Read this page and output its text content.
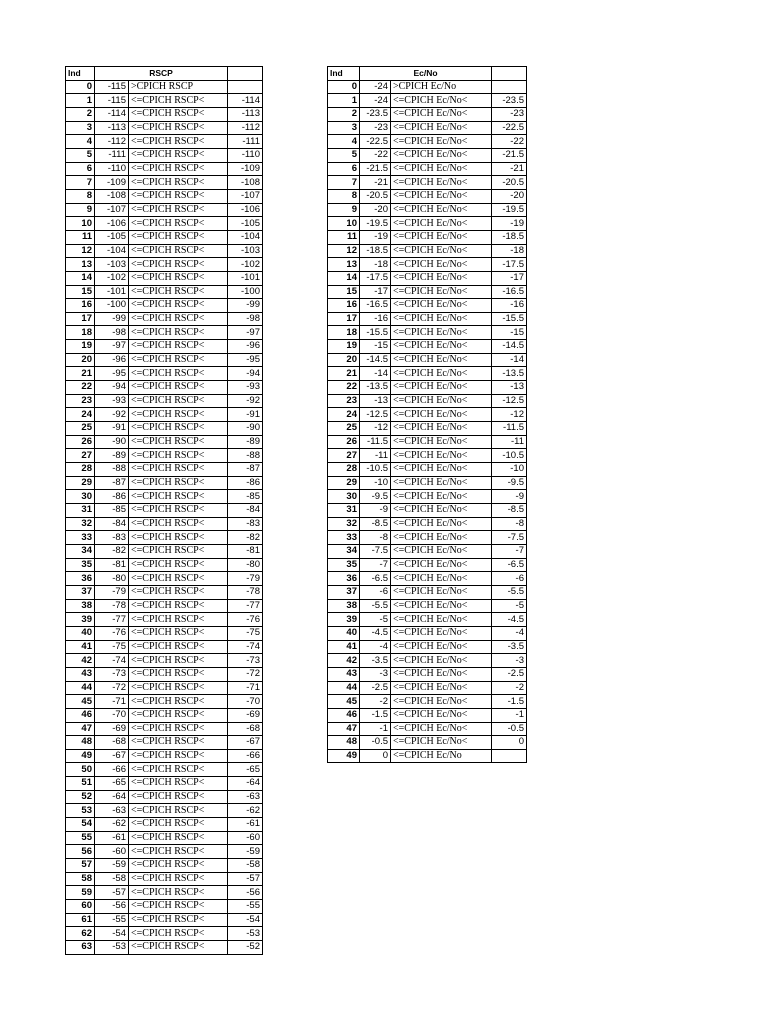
Ind	RSCP		
0	-115	>CPICH RSCP	
1	-115	<=CPICH RSCP<	-114
2	-114	<=CPICH RSCP<	-113
3	-113	<=CPICH RSCP<	-112
4	-112	<=CPICH RSCP<	-111
5	-111	<=CPICH RSCP<	-110
6	-110	<=CPICH RSCP<	-109
7	-109	<=CPICH RSCP<	-108
8	-108	<=CPICH RSCP<	-107
9	-107	<=CPICH RSCP<	-106
10	-106	<=CPICH RSCP<	-105
11	-105	<=CPICH RSCP<	-104
12	-104	<=CPICH RSCP<	-103
13	-103	<=CPICH RSCP<	-102
14	-102	<=CPICH RSCP<	-101
15	-101	<=CPICH RSCP<	-100
16	-100	<=CPICH RSCP<	-99
17	-99	<=CPICH RSCP<	-98
18	-98	<=CPICH RSCP<	-97
19	-97	<=CPICH RSCP<	-96
20	-96	<=CPICH RSCP<	-95
21	-95	<=CPICH RSCP<	-94
22	-94	<=CPICH RSCP<	-93
23	-93	<=CPICH RSCP<	-92
24	-92	<=CPICH RSCP<	-91
25	-91	<=CPICH RSCP<	-90
26	-90	<=CPICH RSCP<	-89
27	-89	<=CPICH RSCP<	-88
28	-88	<=CPICH RSCP<	-87
29	-87	<=CPICH RSCP<	-86
30	-86	<=CPICH RSCP<	-85
31	-85	<=CPICH RSCP<	-84
32	-84	<=CPICH RSCP<	-83
33	-83	<=CPICH RSCP<	-82
34	-82	<=CPICH RSCP<	-81
35	-81	<=CPICH RSCP<	-80
36	-80	<=CPICH RSCP<	-79
37	-79	<=CPICH RSCP<	-78
38	-78	<=CPICH RSCP<	-77
39	-77	<=CPICH RSCP<	-76
40	-76	<=CPICH RSCP<	-75
41	-75	<=CPICH RSCP<	-74
42	-74	<=CPICH RSCP<	-73
43	-73	<=CPICH RSCP<	-72
44	-72	<=CPICH RSCP<	-71
45	-71	<=CPICH RSCP<	-70
46	-70	<=CPICH RSCP<	-69
47	-69	<=CPICH RSCP<	-68
48	-68	<=CPICH RSCP<	-67
49	-67	<=CPICH RSCP<	-66
50	-66	<=CPICH RSCP<	-65
51	-65	<=CPICH RSCP<	-64
52	-64	<=CPICH RSCP<	-63
53	-63	<=CPICH RSCP<	-62
54	-62	<=CPICH RSCP<	-61
55	-61	<=CPICH RSCP<	-60
56	-60	<=CPICH RSCP<	-59
57	-59	<=CPICH RSCP<	-58
58	-58	<=CPICH RSCP<	-57
59	-57	<=CPICH RSCP<	-56
60	-56	<=CPICH RSCP<	-55
61	-55	<=CPICH RSCP<	-54
62	-54	<=CPICH RSCP<	-53
63	-53	<=CPICH RSCP<	-52
Ind	Ec/No		
0	-24	>CPICH Ec/No	
1	-24	<=CPICH Ec/No<	-23.5
2	-23.5	<=CPICH Ec/No<	-23
3	-23	<=CPICH Ec/No<	-22.5
4	-22.5	<=CPICH Ec/No<	-22
5	-22	<=CPICH Ec/No<	-21.5
6	-21.5	<=CPICH Ec/No<	-21
7	-21	<=CPICH Ec/No<	-20.5
8	-20.5	<=CPICH Ec/No<	-20
9	-20	<=CPICH Ec/No<	-19.5
10	-19.5	<=CPICH Ec/No<	-19
11	-19	<=CPICH Ec/No<	-18.5
12	-18.5	<=CPICH Ec/No<	-18
13	-18	<=CPICH Ec/No<	-17.5
14	-17.5	<=CPICH Ec/No<	-17
15	-17	<=CPICH Ec/No<	-16.5
16	-16.5	<=CPICH Ec/No<	-16
17	-16	<=CPICH Ec/No<	-15.5
18	-15.5	<=CPICH Ec/No<	-15
19	-15	<=CPICH Ec/No<	-14.5
20	-14.5	<=CPICH Ec/No<	-14
21	-14	<=CPICH Ec/No<	-13.5
22	-13.5	<=CPICH Ec/No<	-13
23	-13	<=CPICH Ec/No<	-12.5
24	-12.5	<=CPICH Ec/No<	-12
25	-12	<=CPICH Ec/No<	-11.5
26	-11.5	<=CPICH Ec/No<	-11
27	-11	<=CPICH Ec/No<	-10.5
28	-10.5	<=CPICH Ec/No<	-10
29	-10	<=CPICH Ec/No<	-9.5
30	-9.5	<=CPICH Ec/No<	-9
31	-9	<=CPICH Ec/No<	-8.5
32	-8.5	<=CPICH Ec/No<	-8
33	-8	<=CPICH Ec/No<	-7.5
34	-7.5	<=CPICH Ec/No<	-7
35	-7	<=CPICH Ec/No<	-6.5
36	-6.5	<=CPICH Ec/No<	-6
37	-6	<=CPICH Ec/No<	-5.5
38	-5.5	<=CPICH Ec/No<	-5
39	-5	<=CPICH Ec/No<	-4.5
40	-4.5	<=CPICH Ec/No<	-4
41	-4	<=CPICH Ec/No<	-3.5
42	-3.5	<=CPICH Ec/No<	-3
43	-3	<=CPICH Ec/No<	-2.5
44	-2.5	<=CPICH Ec/No<	-2
45	-2	<=CPICH Ec/No<	-1.5
46	-1.5	<=CPICH Ec/No<	-1
47	-1	<=CPICH Ec/No<	-0.5
48	-0.5	<=CPICH Ec/No<	0
49	0	<=CPICH Ec/No	
